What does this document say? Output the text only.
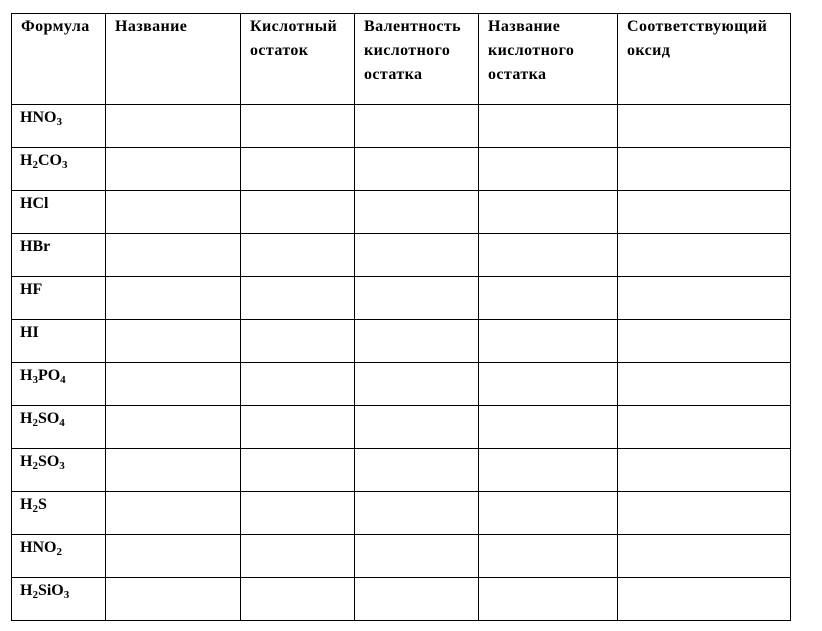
Формула	Название	Кислотный остаток	Валентность кислотного остатка	Название кислотного остатка	Соответствующий оксид
HNO3					
H2CO3					
HCl					
HBr					
HF					
HI					
H3PO4					
H2SO4					
H2SO3					
H2S					
HNO2					
H2SiO3					
